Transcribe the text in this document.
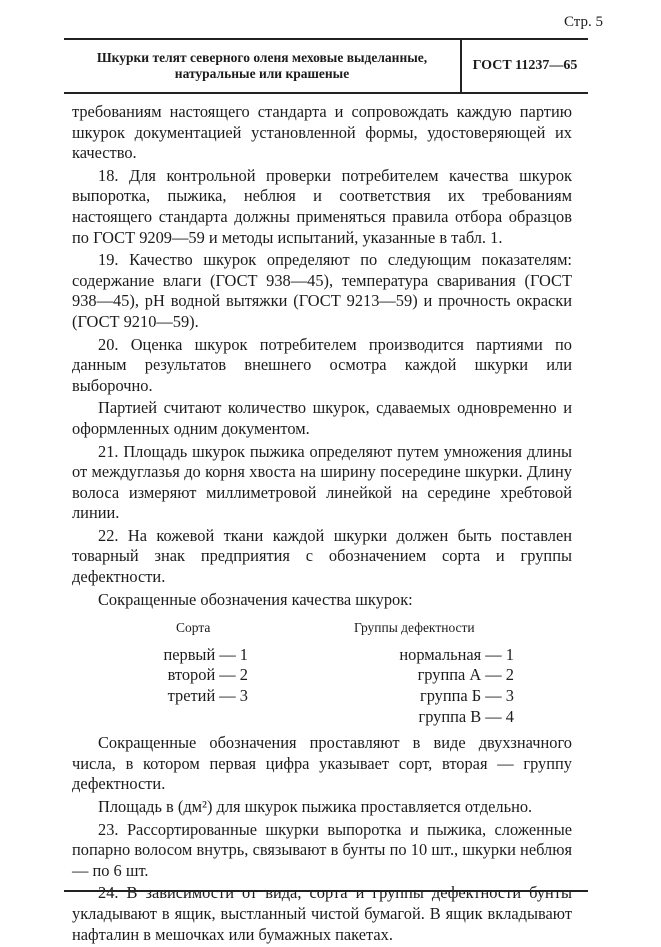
Стр. 5
Шкурки телят северного оленя меховые выделанные,
натуральные или крашеные
ГОСТ 11237—65

требованиям настоящего стандарта и сопровождать каждую партию шкурок документацией установленной формы, удостоверяющей их качество.

18. Для контрольной проверки потребителем качества шкурок выпоротка, пыжика, неблюя и соответствия их требованиям настоящего стандарта должны применяться правила отбора образцов по ГОСТ 9209—59 и методы испытаний, указанные в табл. 1.

19. Качество шкурок определяют по следующим показателям: содержание влаги (ГОСТ 938—45), температура сваривания (ГОСТ 938—45), рН водной вытяжки (ГОСТ 9213—59) и прочность окраски (ГОСТ 9210—59).

20. Оценка шкурок потребителем производится партиями по данным результатов внешнего осмотра каждой шкурки или выборочно.

Партией считают количество шкурок, сдаваемых одновременно и оформленных одним документом.

21. Площадь шкурок пыжика определяют путем умножения длины от междуглазья до корня хвоста на ширину посередине шкурки. Длину волоса измеряют миллиметровой линейкой на середине хребтовой линии.

22. На кожевой ткани каждой шкурки должен быть поставлен товарный знак предприятия с обозначением сорта и группы дефектности.

Сокращенные обозначения качества шкурок:

Сорта
первый — 1
второй — 2
третий — 3
Группы дефектности
нормальная — 1
группа А — 2
группа Б — 3
группа В — 4

Сокращенные обозначения проставляют в виде двухзначного числа, в котором первая цифра указывает сорт, вторая — группу дефектности.

Площадь в (дм²) для шкурок пыжика проставляется отдельно.

23. Рассортированные шкурки выпоротка и пыжика, сложенные попарно волосом внутрь, связывают в бунты по 10 шт., шкурки неблюя — по 6 шт.

24. В зависимости от вида, сорта и группы дефектности бунты укладывают в ящик, выстланный чистой бумагой. В ящик вкладывают нафталин в мешочках или бумажных пакетах.
